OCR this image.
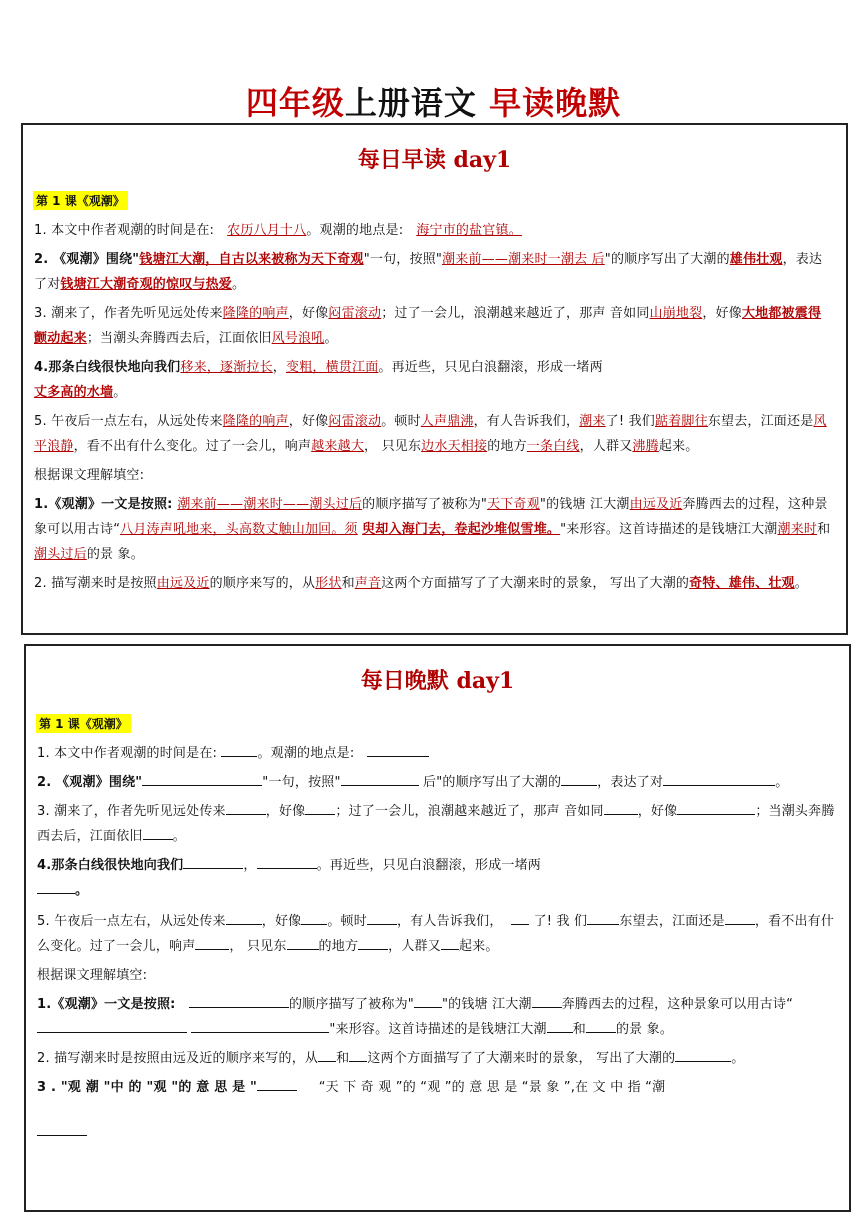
四年级上册语文 早读晚默
每日早读 day1
第 1 课《观潮》
1. 本文中作者观潮的时间是在:   农历八月十八。观潮的地点是:   海宁市的盐官镇。
2. 《观潮》围绕"钱塘江大潮，自古以来被称为天下奇观"一句，按照"潮来前——潮来时一潮去 后"的顺序写出了大潮的雄伟壮观，表达了对钱塘江大潮奇观的惊叹与热爱。
3. 潮来了，作者先听见远处传来隆隆的响声，好像闷雷滚动；过了一会儿，浪潮越来越近了，那声 音如同山崩地裂，好像大地都被震得颤动起来；当潮头奔腾西去后，江面依旧风号浪吼。
4.那条白线很快地向我们移来，逐渐拉长，变粗，横贯江面。再近些，只见白浪翻滚，形成一堵两
丈多高的水墙。
5. 午夜后一点左右，从远处传来隆隆的响声，好像闷雷滚动。顿时人声鼎沸，有人告诉我们，潮来了! 我们踮着脚往东望去，江面还是风平浪静，看不出有什么变化。过了一会儿，响声越来越大， 只见东边水天相接的地方一条白线，人群又沸腾起来。
根据课文理解填空:
1.《观潮》一文是按照: 潮来前——潮来时——潮头过后的顺序描写了被称为"天下奇观"的钱塘 江大潮由远及近奔腾西去的过程，这种景象可以用古诗“八月涛声吼地来，头高数丈触山加回。须 臾却入海门去，卷起沙堆似雪堆。"来形容。这首诗描述的是钱塘江大潮潮来时和潮头过后的景 象。
2. 描写潮来时是按照由远及近的顺序来写的，从形状和声音这两个方面描写了了大潮来时的景象， 写出了大潮的奇特、雄伟、壮观。
每日晚默 day1
第 1 课《观潮》
1. 本文中作者观潮的时间是在:	。观潮的地点是:
2. 《观潮》围绕"	"一句，按照"	后"的顺序写出了大潮的	，表达了对	。
3. 潮来了，作者先听见远处传来	，好像 ；过了一会儿，浪潮越来越近了，那声 音如同	，好像	；当潮头奔腾西去后，江面依旧 。
4.那条白线很快地向我们	，	。再近些，只见白浪翻滚，形成一堵两
。
5. 午夜后一点左右，从远处传来	，好像 。顿时 ，有人告诉我们，   了! 我 们 东望去，江面还是 ，看不出有什么变化。过了一会儿，响声	， 只见东 的地方 ，人群又 起来。
根据课文理解填空:
1.《观潮》一文是按照:	的顺序描写了被称为" "的钱塘 江大潮 奔腾西去的过程，这种景象可以用古诗“ "来形容。这首诗描述的是钱塘江大潮 和 的景 象。
2. 描写潮来时是按照由远及近的顺序来写的，从 和 这两个方面描写了了大潮来时的景象， 写出了大潮的	。
3 . "观 潮 "中 的 "观 "的 意 思 是 "	“天 下 奇 观 ”的 “观 ”的 意 思 是 “景 象 ”,在 文 中 指 “潮
